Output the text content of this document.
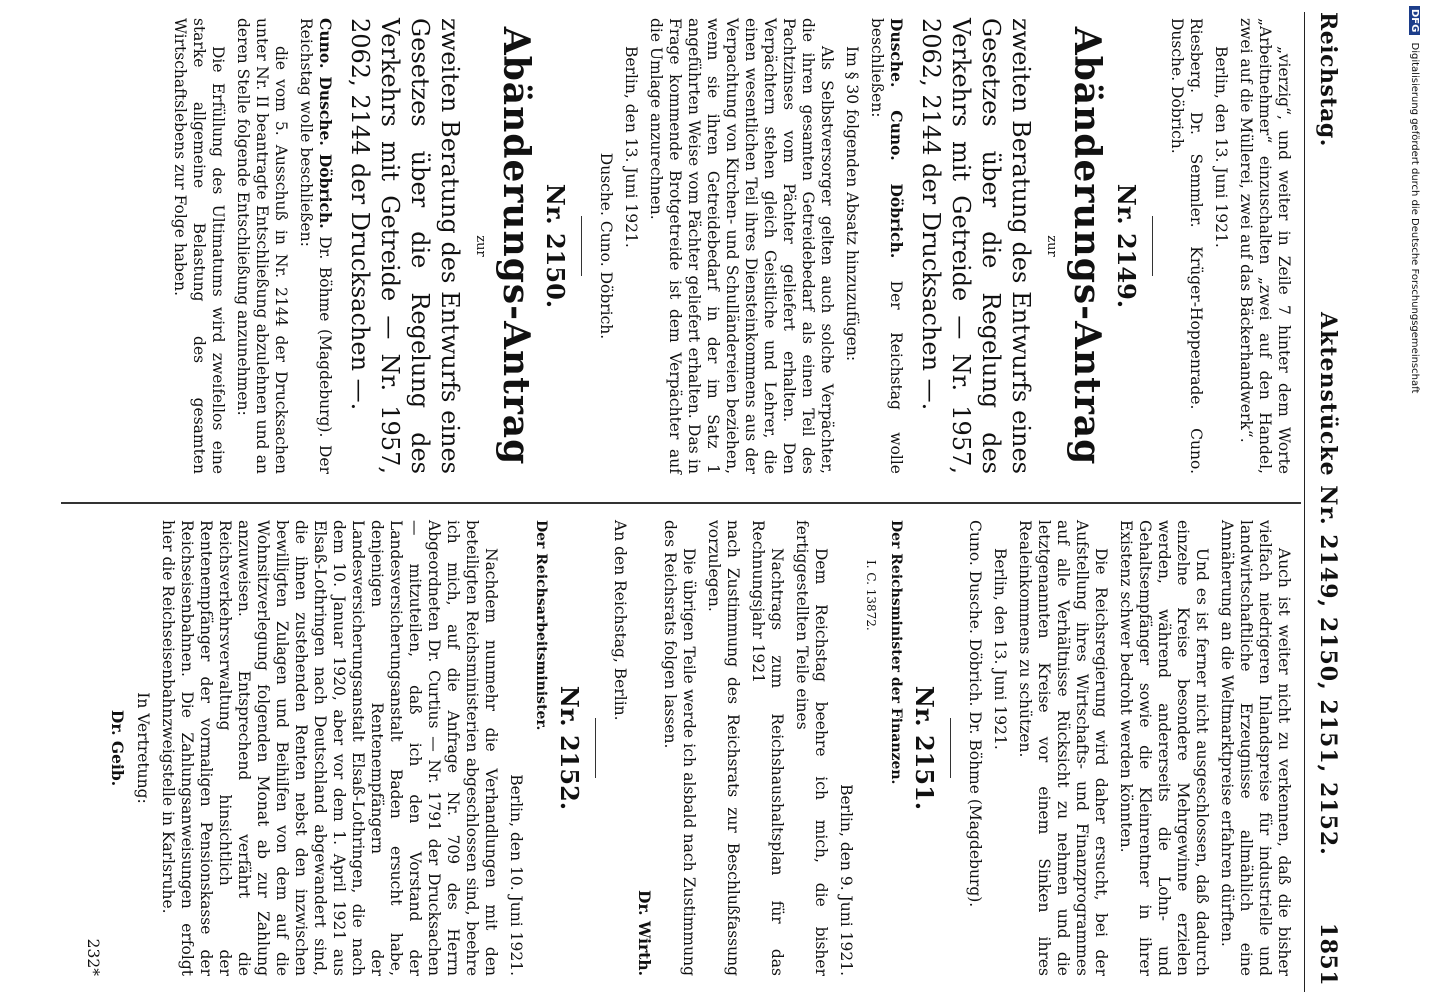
Reichstag.
Aktenstücke Nr. 2149, 2150, 2151, 2152.
1851

„vierzig“, und weiter in Zeile 7 hinter dem Worte „Arbeitnehmer“ einzuschalten „zwei auf den Handel, zwei auf die Müllerei, zwei auf das Bäckerhandwerk“.

Berlin, den 13. Juni 1921.

Riesberg. Dr. Semmler. Krüger-Hoppenrade. Cuno. Dusche. Döbrich.

Nr. 2149.
Abänderungs-Antrag
zur
zweiten Beratung des Entwurfs eines Gesetzes über die Regelung des Verkehrs mit Getreide — Nr. 1957, 2062, 2144 der Drucksachen —.

Dusche. Cuno. Döbrich. Der Reichstag wolle beschließen:

Im § 30 folgenden Absatz hinzuzufügen:

Als Selbstversorger gelten auch solche Verpächter, die ihren gesamten Getreidebedarf als einen Teil des Pachtzinses vom Pächter geliefert erhalten. Den Verpächtern stehen gleich Geistliche und Lehrer, die einen wesentlichen Teil ihres Diensteinkommens aus der Verpachtung von Kirchen- und Schulländereien beziehen, wenn sie ihren Getreidebedarf in der im Satz 1 angeführten Weise vom Pächter geliefert erhalten. Das in Frage kommende Brotgetreide ist dem Verpächter auf die Umlage anzurechnen.

Berlin, den 13. Juni 1921.

Dusche. Cuno. Döbrich.

Nr. 2150.
Abänderungs-Antrag
zur
zweiten Beratung des Entwurfs eines Gesetzes über die Regelung des Verkehrs mit Getreide — Nr. 1957, 2062, 2144 der Drucksachen —.

Cuno. Dusche. Döbrich. Dr. Böhme (Magdeburg). Der Reichstag wolle beschließen:

die vom 5. Ausschuß in Nr. 2144 der Drucksachen unter Nr. II beantragte Entschließung abzulehnen und an deren Stelle folgende Entschließung anzunehmen:

Die Erfüllung des Ultimatums wird zweifellos eine starke allgemeine Belastung des gesamten Wirtschaftslebens zur Folge haben.

Auch ist weiter nicht zu verkennen, daß die bisher vielfach niedrigeren Inlandspreise für industrielle und landwirtschaftliche Erzeugnisse allmählich eine Annäherung an die Weltmarktpreise erfahren dürften.

Und es ist ferner nicht ausgeschlossen, daß dadurch einzelne Kreise besondere Mehrgewinne erzielen werden, während andererseits die Lohn- und Gehaltsempfänger sowie die Kleinrentner in ihrer Existenz schwer bedroht werden könnten.

Die Reichsregierung wird daher ersucht, bei der Aufstellung ihres Wirtschafts- und Finanzprogrammes auf alle Verhältnisse Rücksicht zu nehmen und die letztgenannten Kreise vor einem Sinken ihres Realeinkommens zu schützen.

Berlin, den 13. Juni 1921.

Cuno. Dusche. Döbrich. Dr. Böhme (Magdeburg).

Nr. 2151.

Der Reichsminister der Finanzen.

I. C. 13872.

Berlin, den 9. Juni 1921.

Dem Reichstag beehre ich mich, die bisher fertiggestellten Teile eines

Nachtrags zum Reichshaushaltsplan für das Rechnungsjahr 1921

nach Zustimmung des Reichsrats zur Beschlußfassung vorzulegen.

Die übrigen Teile werde ich alsbald nach Zustimmung des Reichsrats folgen lassen.

Dr. Wirth.

An den Reichstag, Berlin.

Nr. 2152.

Der Reichsarbeitsminister.

Berlin, den 10. Juni 1921.

Nachdem nunmehr die Verhandlungen mit den beteiligten Reichsministerien abgeschlossen sind, beehre ich mich, auf die Anfrage Nr. 709 des Herrn Abgeordneten Dr. Curtius — Nr. 1791 der Drucksachen — mitzuteilen, daß ich den Vorstand der Landesversicherungsanstalt Baden ersucht habe, denjenigen Rentenempfängern der Landesversicherungsanstalt Elsaß-Lothringen, die nach dem 10. Januar 1920, aber vor dem 1. April 1921 aus Elsaß-Lothringen nach Deutschland abgewandert sind, die ihnen zustehenden Renten nebst den inzwischen bewilligten Zulagen und Beihilfen von dem auf die Wohnsitzverlegung folgenden Monat ab zur Zahlung anzuweisen. Entsprechend verfährt die Reichsverkehrsverwaltung hinsichtlich der Rentenempfänger der vormaligen Pensionskasse der Reichseisenbahnen. Die Zahlungsanweisungen erfolgt hier die Reichseisenbahnzweigstelle in Karlsruhe.

In Vertretung:

Dr. Geib.

232*

DFG Digitalisierung gefördert durch die Deutsche Forschungsgemeinschaft
